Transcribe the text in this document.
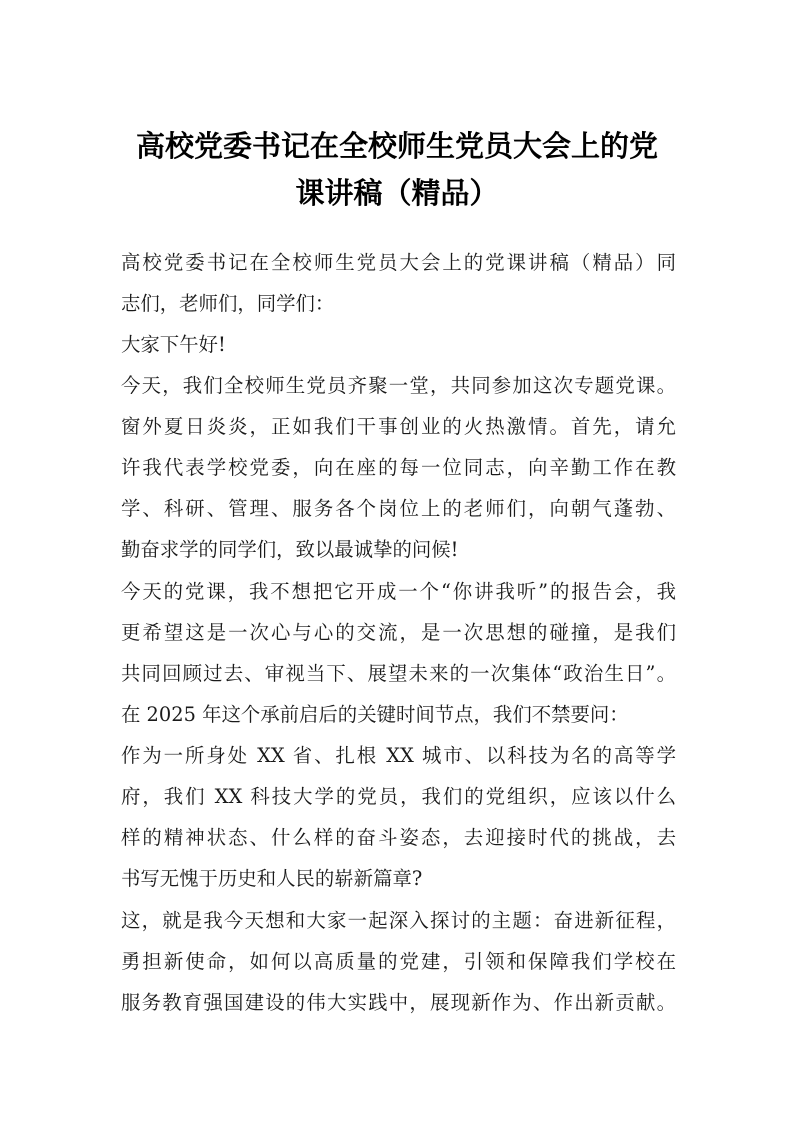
高校党委书记在全校师生党员大会上的党
课讲稿（精品）
高校党委书记在全校师生党员大会上的党课讲稿（精品）同
志们，老师们，同学们：
大家下午好!
今天，我们全校师生党员齐聚一堂，共同参加这次专题党课。
窗外夏日炎炎，正如我们干事创业的火热激情。首先，请允
许我代表学校党委，向在座的每一位同志，向辛勤工作在教
学、科研、管理、服务各个岗位上的老师们，向朝气蓬勃、
勤奋求学的同学们，致以最诚挚的问候!
今天的党课，我不想把它开成一个“你讲我听”的报告会，我
更希望这是一次心与心的交流，是一次思想的碰撞，是我们
共同回顾过去、审视当下、展望未来的一次集体“政治生日”。
在 2025 年这个承前启后的关键时间节点，我们不禁要问：
作为一所身处 XX 省、扎根 XX 城市、以科技为名的高等学
府，我们 XX 科技大学的党员，我们的党组织，应该以什么
样的精神状态、什么样的奋斗姿态，去迎接时代的挑战，去
书写无愧于历史和人民的崭新篇章?
这，就是我今天想和大家一起深入探讨的主题：奋进新征程，
勇担新使命，如何以高质量的党建，引领和保障我们学校在
服务教育强国建设的伟大实践中，展现新作为、作出新贡献。
